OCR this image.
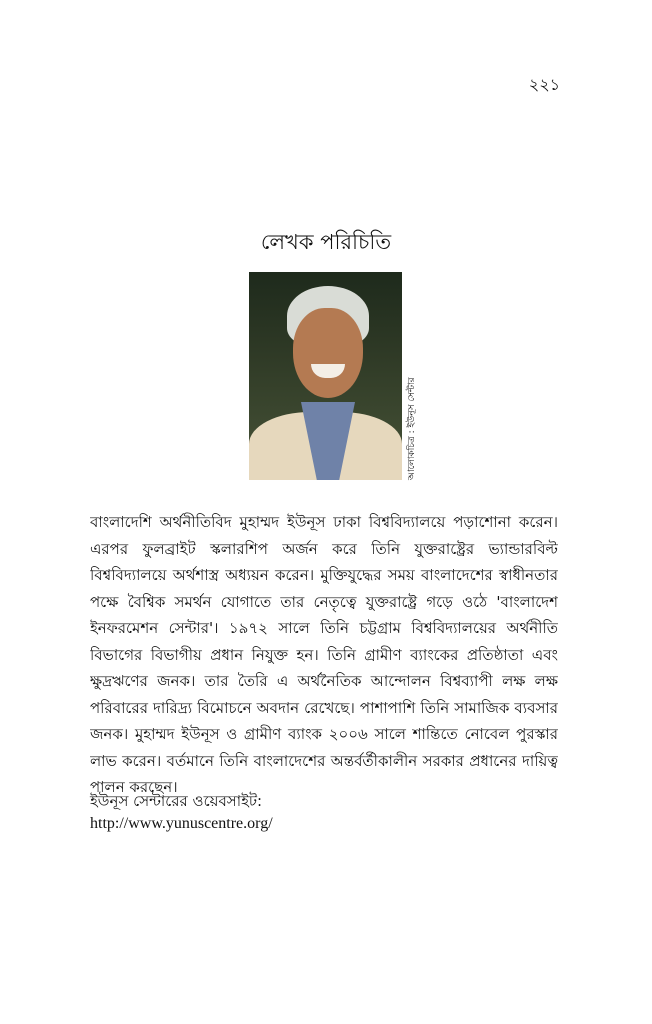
২২১
লেখক পরিচিতি
আলোকচিত্র : ইউনূস সেন্টার
বাংলাদেশি অর্থনীতিবিদ মুহাম্মদ ইউনূস ঢাকা বিশ্ববিদ্যালয়ে পড়াশোনা করেন।
এরপর ফুলব্রাইট স্কলারশিপ অর্জন করে তিনি যুক্তরাষ্ট্রের ভ্যান্ডারবিল্ট
বিশ্ববিদ্যালয়ে অর্থশাস্ত্র অধ্যয়ন করেন। মুক্তিযুদ্ধের সময় বাংলাদেশের স্বাধীনতার
পক্ষে বৈশ্বিক সমর্থন যোগাতে তার নেতৃত্বে যুক্তরাষ্ট্রে গড়ে ওঠে 'বাংলাদেশ
ইনফরমেশন সেন্টার'। ১৯৭২ সালে তিনি চট্টগ্রাম বিশ্ববিদ্যালয়ের অর্থনীতি
বিভাগের বিভাগীয় প্রধান নিযুক্ত হন। তিনি গ্রামীণ ব্যাংকের প্রতিষ্ঠাতা এবং
ক্ষুদ্রঋণের জনক। তার তৈরি এ অর্থনৈতিক আন্দোলন বিশ্বব্যাপী লক্ষ লক্ষ
পরিবারের দারিদ্র্য বিমোচনে অবদান রেখেছে। পাশাপাশি তিনি সামাজিক ব্যবসার
জনক। মুহাম্মদ ইউনূস ও গ্রামীণ ব্যাংক ২০০৬ সালে শান্তিতে নোবেল পুরস্কার
লাভ করেন। বর্তমানে তিনি বাংলাদেশের অন্তর্বর্তীকালীন সরকার প্রধানের দায়িত্ব
পালন করছেন।
ইউনূস সেন্টারের ওয়েবসাইট:
http://www.yunuscentre.org/
